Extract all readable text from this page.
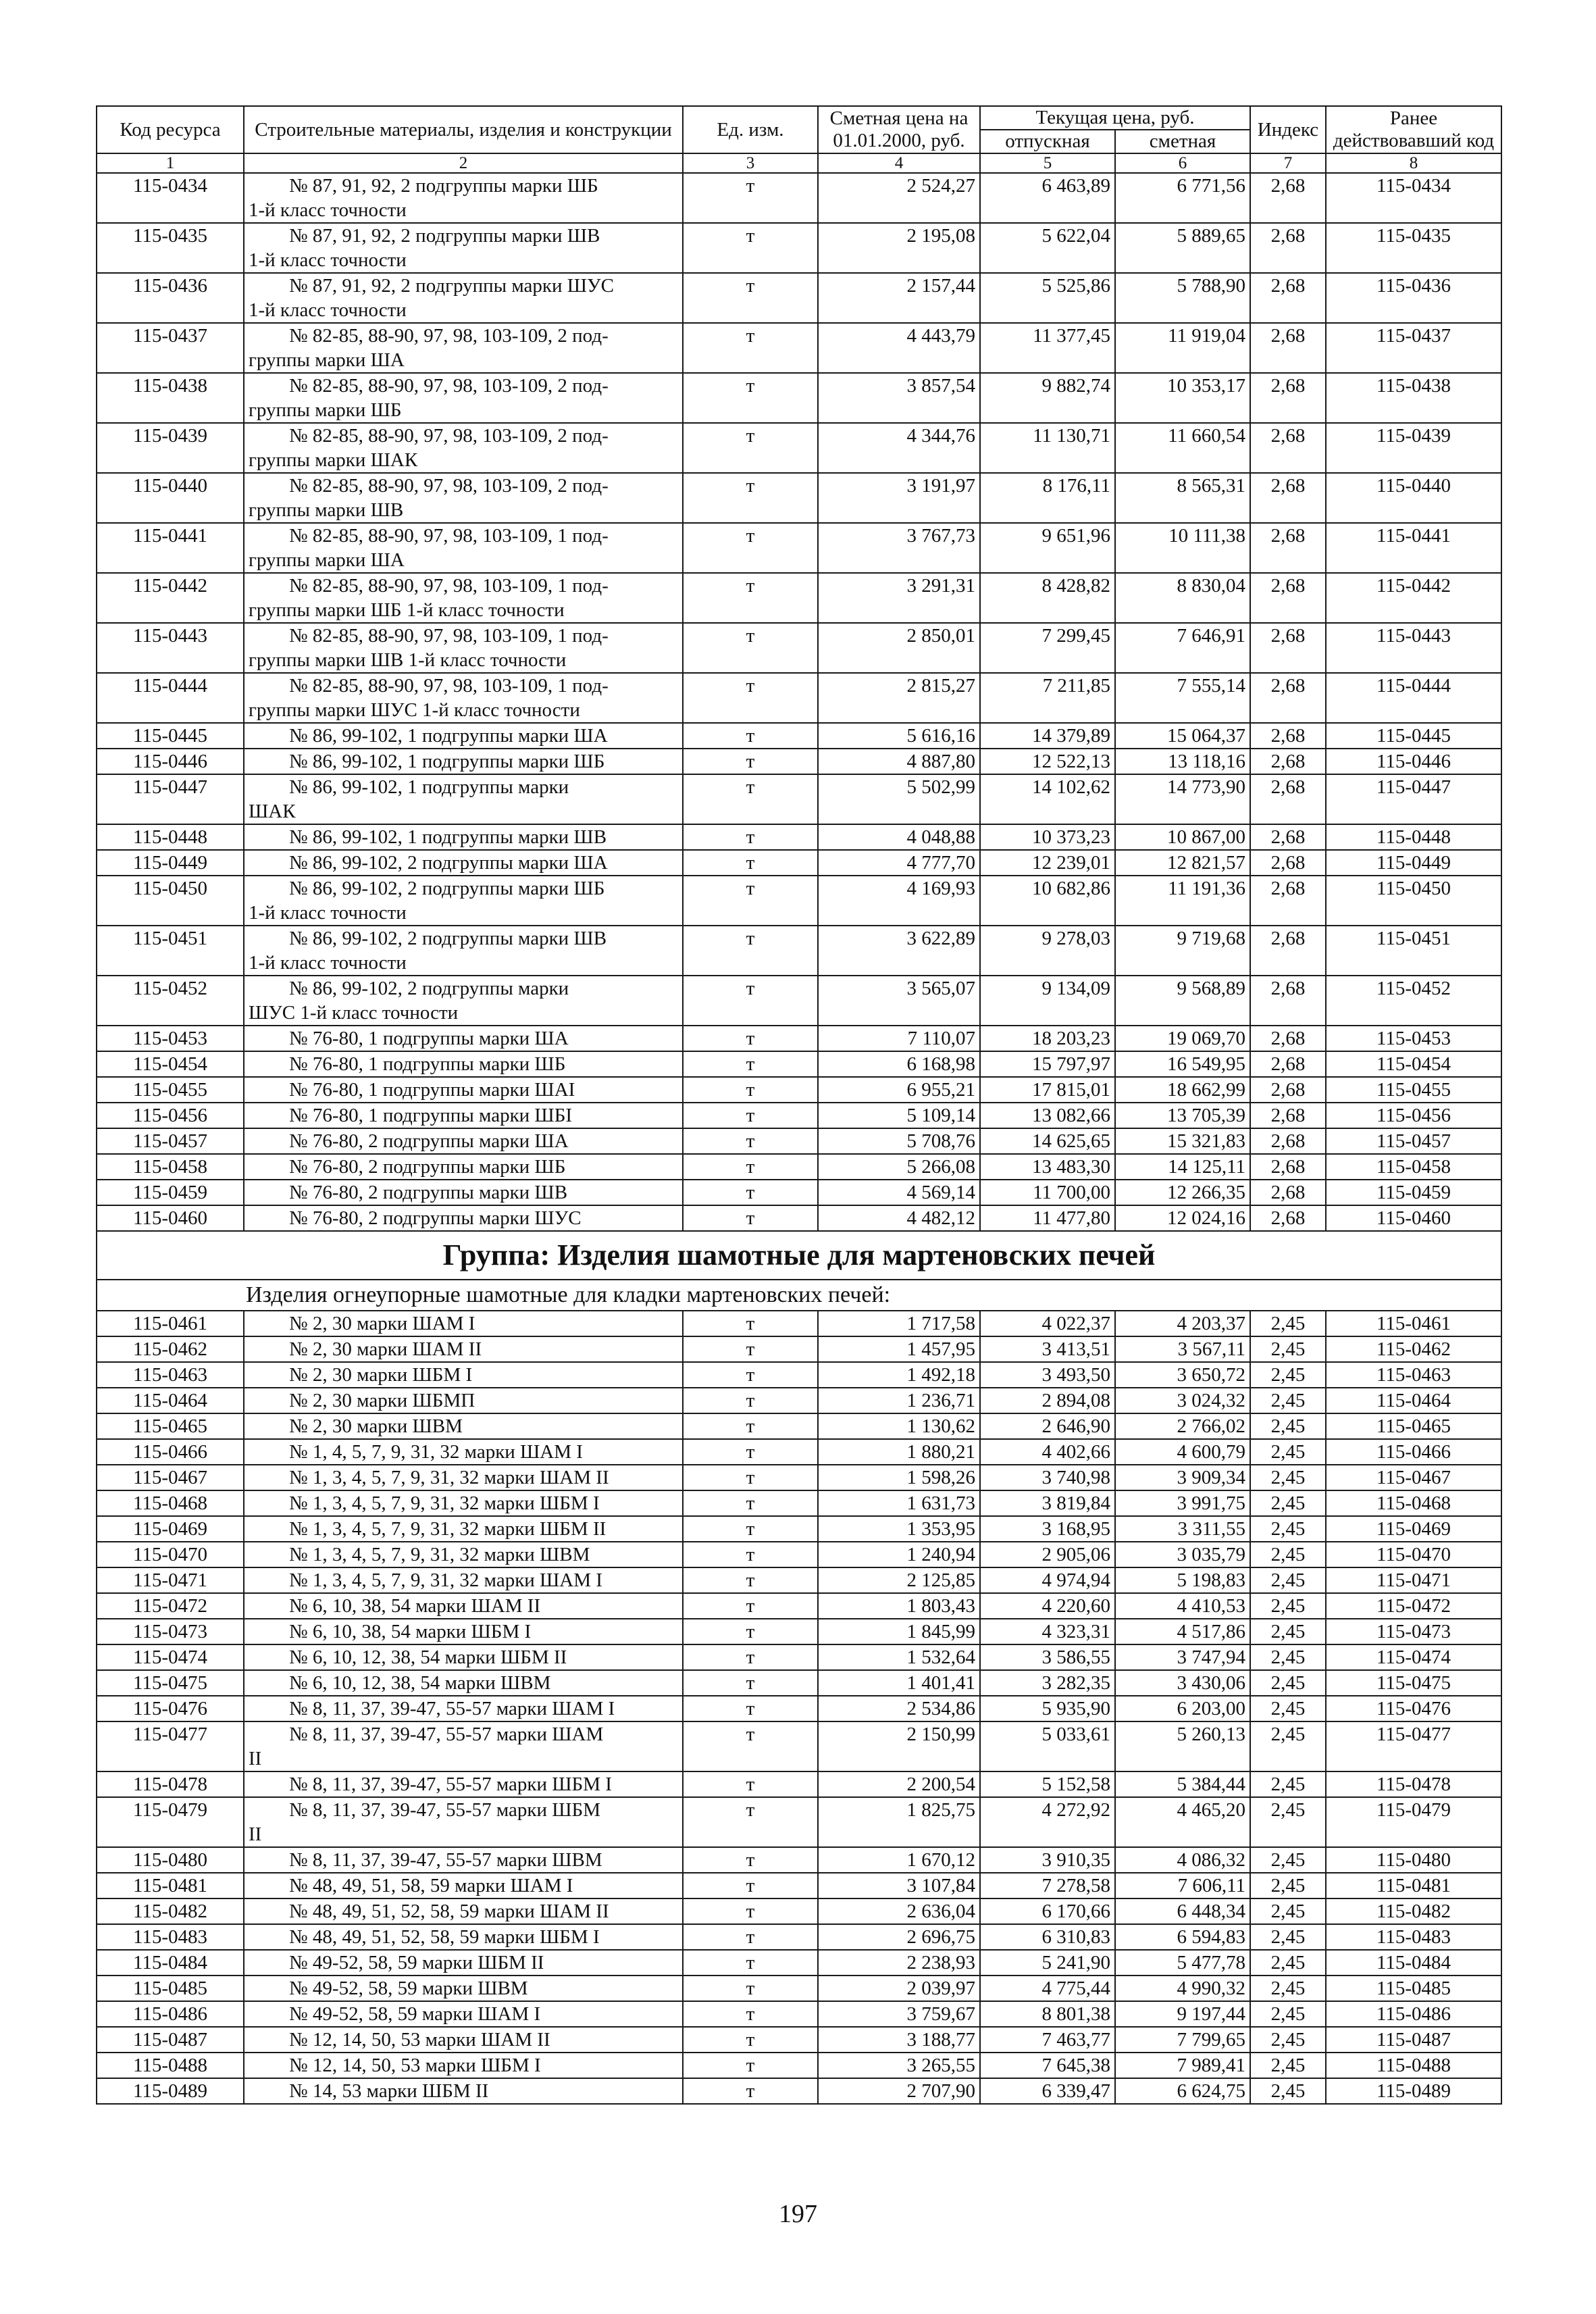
Код ресурса	Строительные материалы, изделия и конструкции	Ед. изм.	Сметная цена на 01.01.2000, руб.	Текущая цена, руб.		Индекс	Ранее действовавший код
				отпускная	сметная		
1	2	3	4	5	6	7	8
115-0434	№ 87, 91, 92, 2 подгруппы марки ШБ
1-й класс точности	т	2 524,27	6 463,89	6 771,56	2,68	115-0434
115-0435	№ 87, 91, 92, 2 подгруппы марки ШВ
1-й класс точности	т	2 195,08	5 622,04	5 889,65	2,68	115-0435
115-0436	№ 87, 91, 92, 2 подгруппы марки ШУС
1-й класс точности	т	2 157,44	5 525,86	5 788,90	2,68	115-0436
115-0437	№ 82-85, 88-90, 97, 98, 103-109, 2 под-
группы марки ША	т	4 443,79	11 377,45	11 919,04	2,68	115-0437
115-0438	№ 82-85, 88-90, 97, 98, 103-109, 2 под-
группы марки ШБ	т	3 857,54	9 882,74	10 353,17	2,68	115-0438
115-0439	№ 82-85, 88-90, 97, 98, 103-109, 2 под-
группы марки ШАК	т	4 344,76	11 130,71	11 660,54	2,68	115-0439
115-0440	№ 82-85, 88-90, 97, 98, 103-109, 2 под-
группы марки ШВ	т	3 191,97	8 176,11	8 565,31	2,68	115-0440
115-0441	№ 82-85, 88-90, 97, 98, 103-109, 1 под-
группы марки ША	т	3 767,73	9 651,96	10 111,38	2,68	115-0441
115-0442	№ 82-85, 88-90, 97, 98, 103-109, 1 под-
группы марки ШБ 1-й класс точности	т	3 291,31	8 428,82	8 830,04	2,68	115-0442
115-0443	№ 82-85, 88-90, 97, 98, 103-109, 1 под-
группы марки ШВ 1-й класс точности	т	2 850,01	7 299,45	7 646,91	2,68	115-0443
115-0444	№ 82-85, 88-90, 97, 98, 103-109, 1 под-
группы марки ШУС 1-й класс точности	т	2 815,27	7 211,85	7 555,14	2,68	115-0444
115-0445	№ 86, 99-102, 1 подгруппы марки ША	т	5 616,16	14 379,89	15 064,37	2,68	115-0445
115-0446	№ 86, 99-102, 1 подгруппы марки ШБ	т	4 887,80	12 522,13	13 118,16	2,68	115-0446
115-0447	№ 86, 99-102, 1 подгруппы марки
ШАК	т	5 502,99	14 102,62	14 773,90	2,68	115-0447
115-0448	№ 86, 99-102, 1 подгруппы марки ШВ	т	4 048,88	10 373,23	10 867,00	2,68	115-0448
115-0449	№ 86, 99-102, 2 подгруппы марки ША	т	4 777,70	12 239,01	12 821,57	2,68	115-0449
115-0450	№ 86, 99-102, 2 подгруппы марки ШБ
1-й класс точности	т	4 169,93	10 682,86	11 191,36	2,68	115-0450
115-0451	№ 86, 99-102, 2 подгруппы марки ШВ
1-й класс точности	т	3 622,89	9 278,03	9 719,68	2,68	115-0451
115-0452	№ 86, 99-102, 2 подгруппы марки
ШУС 1-й класс точности	т	3 565,07	9 134,09	9 568,89	2,68	115-0452
115-0453	№ 76-80, 1 подгруппы марки ША	т	7 110,07	18 203,23	19 069,70	2,68	115-0453
115-0454	№ 76-80, 1 подгруппы марки ШБ	т	6 168,98	15 797,97	16 549,95	2,68	115-0454
115-0455	№ 76-80, 1 подгруппы марки ШАI	т	6 955,21	17 815,01	18 662,99	2,68	115-0455
115-0456	№ 76-80, 1 подгруппы марки ШБI	т	5 109,14	13 082,66	13 705,39	2,68	115-0456
115-0457	№ 76-80, 2 подгруппы марки ША	т	5 708,76	14 625,65	15 321,83	2,68	115-0457
115-0458	№ 76-80, 2 подгруппы марки ШБ	т	5 266,08	13 483,30	14 125,11	2,68	115-0458
115-0459	№ 76-80, 2 подгруппы марки ШВ	т	4 569,14	11 700,00	12 266,35	2,68	115-0459
115-0460	№ 76-80, 2 подгруппы марки ШУС	т	4 482,12	11 477,80	12 024,16	2,68	115-0460
Группа: Изделия шамотные для мартеновских печей							
Изделия огнеупорные шамотные для кладки мартеновских печей:							
115-0461	№ 2, 30 марки ШАМ I	т	1 717,58	4 022,37	4 203,37	2,45	115-0461
115-0462	№ 2, 30 марки ШАМ II	т	1 457,95	3 413,51	3 567,11	2,45	115-0462
115-0463	№ 2, 30 марки ШБМ I	т	1 492,18	3 493,50	3 650,72	2,45	115-0463
115-0464	№ 2, 30 марки ШБМП	т	1 236,71	2 894,08	3 024,32	2,45	115-0464
115-0465	№ 2, 30 марки ШВМ	т	1 130,62	2 646,90	2 766,02	2,45	115-0465
115-0466	№ 1, 4, 5, 7, 9, 31, 32 марки ШАМ I	т	1 880,21	4 402,66	4 600,79	2,45	115-0466
115-0467	№ 1, 3, 4, 5, 7, 9, 31, 32 марки ШАМ II	т	1 598,26	3 740,98	3 909,34	2,45	115-0467
115-0468	№ 1, 3, 4, 5, 7, 9, 31, 32 марки ШБМ I	т	1 631,73	3 819,84	3 991,75	2,45	115-0468
115-0469	№ 1, 3, 4, 5, 7, 9, 31, 32 марки ШБМ II	т	1 353,95	3 168,95	3 311,55	2,45	115-0469
115-0470	№ 1, 3, 4, 5, 7, 9, 31, 32 марки ШВМ	т	1 240,94	2 905,06	3 035,79	2,45	115-0470
115-0471	№ 1, 3, 4, 5, 7, 9, 31, 32 марки ШАМ I	т	2 125,85	4 974,94	5 198,83	2,45	115-0471
115-0472	№ 6, 10, 38, 54 марки ШАМ II	т	1 803,43	4 220,60	4 410,53	2,45	115-0472
115-0473	№ 6, 10, 38, 54 марки ШБМ I	т	1 845,99	4 323,31	4 517,86	2,45	115-0473
115-0474	№ 6, 10, 12, 38, 54 марки ШБМ II	т	1 532,64	3 586,55	3 747,94	2,45	115-0474
115-0475	№ 6, 10, 12, 38, 54 марки ШВМ	т	1 401,41	3 282,35	3 430,06	2,45	115-0475
115-0476	№ 8, 11, 37, 39-47, 55-57 марки ШАМ I	т	2 534,86	5 935,90	6 203,00	2,45	115-0476
115-0477	№ 8, 11, 37, 39-47, 55-57 марки ШАМ
II	т	2 150,99	5 033,61	5 260,13	2,45	115-0477
115-0478	№ 8, 11, 37, 39-47, 55-57 марки ШБМ I	т	2 200,54	5 152,58	5 384,44	2,45	115-0478
115-0479	№ 8, 11, 37, 39-47, 55-57 марки ШБМ
II	т	1 825,75	4 272,92	4 465,20	2,45	115-0479
115-0480	№ 8, 11, 37, 39-47, 55-57 марки ШВМ	т	1 670,12	3 910,35	4 086,32	2,45	115-0480
115-0481	№ 48, 49, 51, 58, 59 марки ШАМ I	т	3 107,84	7 278,58	7 606,11	2,45	115-0481
115-0482	№ 48, 49, 51, 52, 58, 59 марки ШАМ II	т	2 636,04	6 170,66	6 448,34	2,45	115-0482
115-0483	№ 48, 49, 51, 52, 58, 59 марки ШБМ I	т	2 696,75	6 310,83	6 594,83	2,45	115-0483
115-0484	№ 49-52, 58, 59 марки ШБМ II	т	2 238,93	5 241,90	5 477,78	2,45	115-0484
115-0485	№ 49-52, 58, 59 марки ШВМ	т	2 039,97	4 775,44	4 990,32	2,45	115-0485
115-0486	№ 49-52, 58, 59 марки ШАМ I	т	3 759,67	8 801,38	9 197,44	2,45	115-0486
115-0487	№ 12, 14, 50, 53 марки ШАМ II	т	3 188,77	7 463,77	7 799,65	2,45	115-0487
115-0488	№ 12, 14, 50, 53 марки ШБМ I	т	3 265,55	7 645,38	7 989,41	2,45	115-0488
115-0489	№ 14, 53 марки ШБМ II	т	2 707,90	6 339,47	6 624,75	2,45	115-0489
197
